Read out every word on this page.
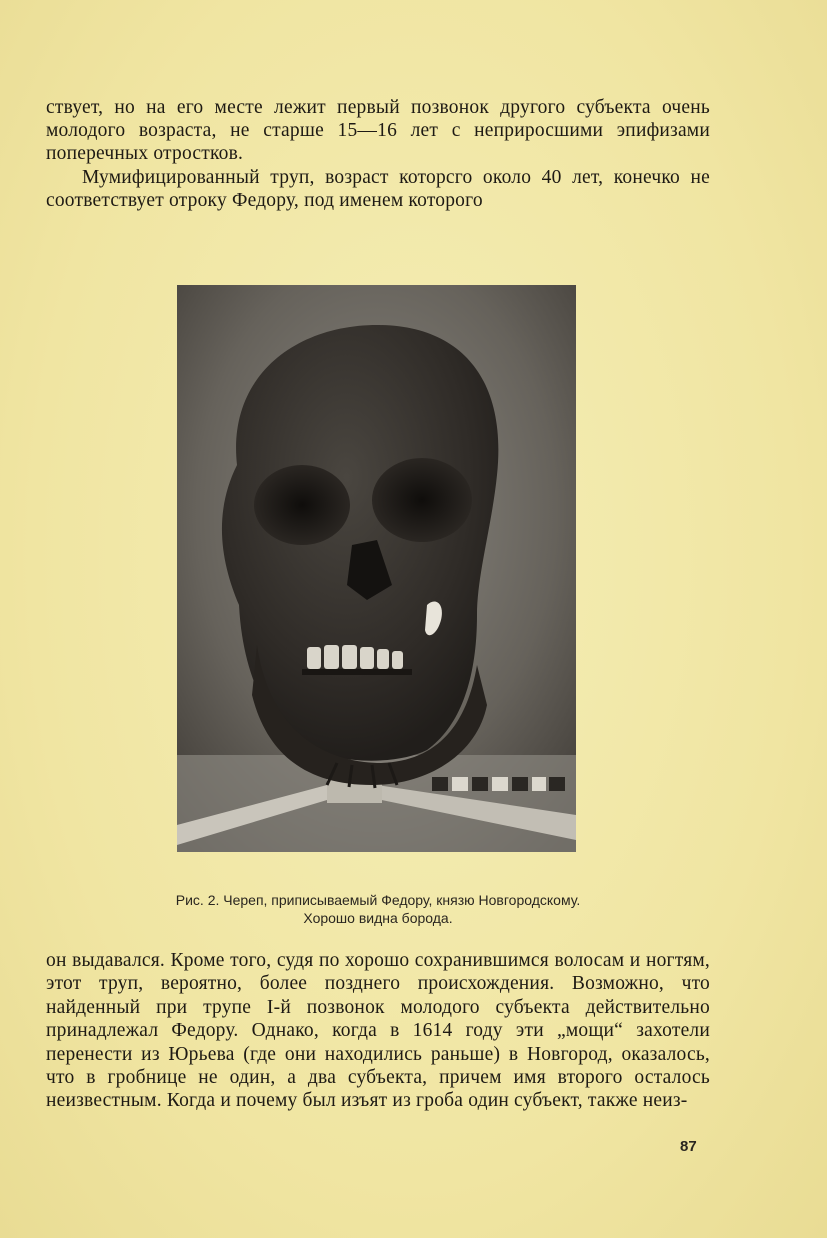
ствует, но на его месте лежит первый позвонок другого субъекта очень молодого возраста, не старше 15—16 лет с неприросшими эпифизами поперечных отростков.

Мумифицированный труп, возраст которсго около 40 лет, конечко не соответствует отроку Федору, под именем которого

Рис. 2. Череп, приписываемый Федору, князю Новгородскому.
Хорошо видна борода.

он выдавался. Кроме того, судя по хорошо сохранившимся волосам и ногтям, этот труп, вероятно, более позднего происхождения. Возможно, что найденный при трупе I-й позвонок молодого субъекта действительно принадлежал Федору. Однако, когда в 1614 году эти „мощи“ захотели перенести из Юрьева (где они находились раньше) в Новгород, оказалось, что в гробнице не один, а два субъекта, причем имя второго осталось неизвестным. Когда и почему был изъят из гроба один субъект, также неиз-

87
